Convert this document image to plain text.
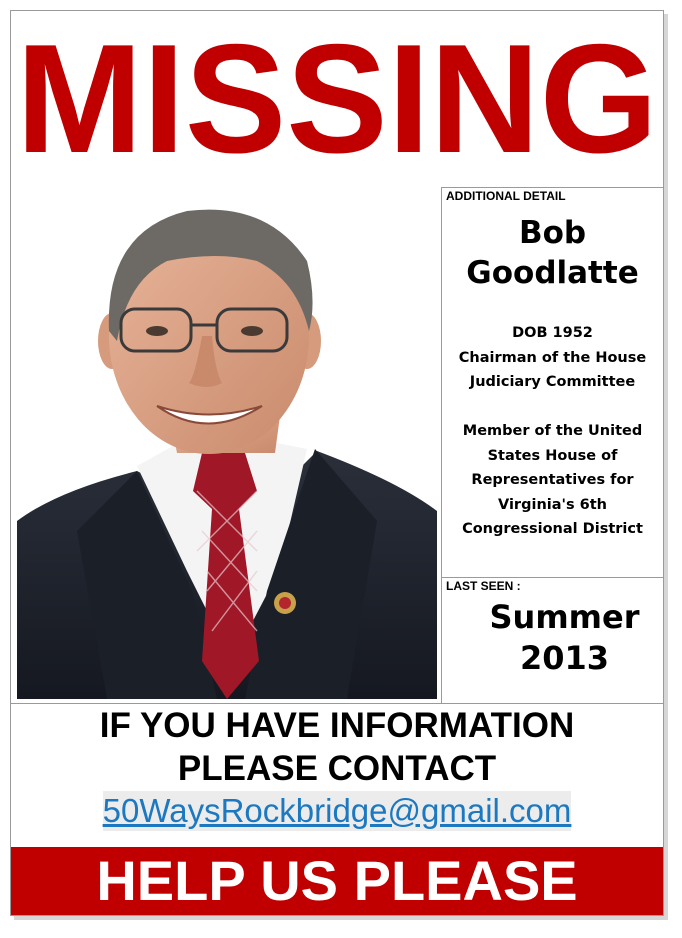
MISSING
ADDITIONAL DETAIL
Bob
Goodlatte
DOB 1952
Chairman of the House
Judiciary Committee
Member of the United
States House of
Representatives for
Virginia's 6th
Congressional District
LAST SEEN :
Summer
2013
IF YOU HAVE INFORMATION
PLEASE CONTACT
50WaysRockbridge@gmail.com
HELP US PLEASE
